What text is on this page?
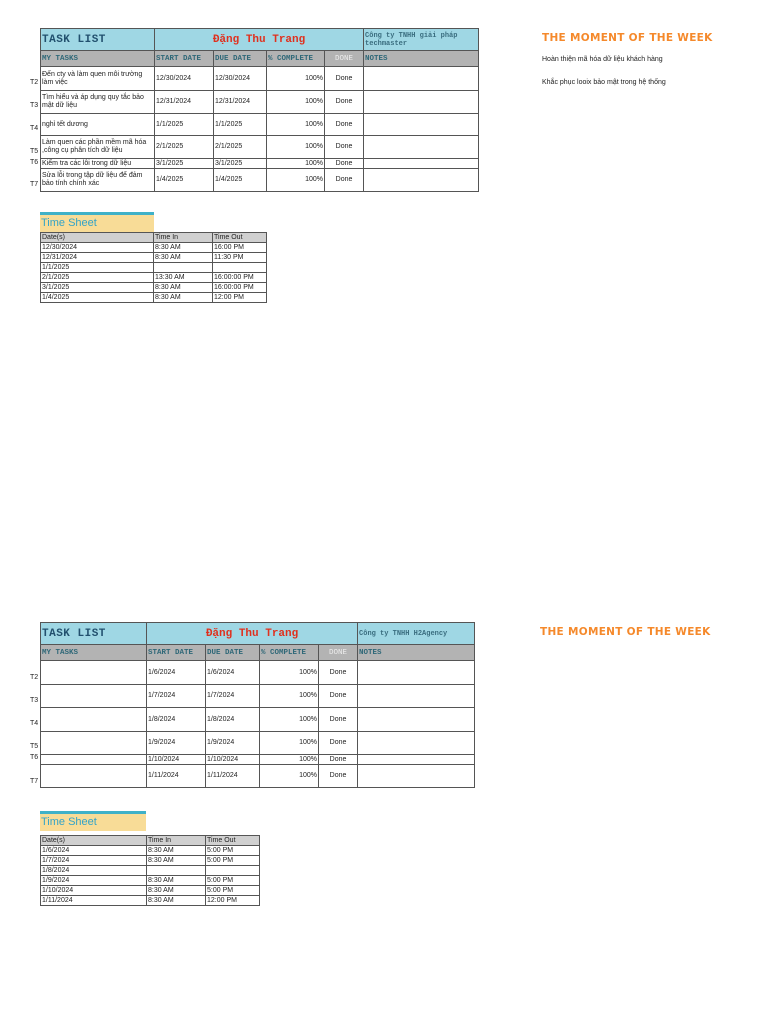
TASK LIST	Đặng Thu Trang				Công ty TNHH giải pháp techmaster
MY TASKS	START DATE	DUE DATE	% COMPLETE	DONE	NOTES
Đến cty và làm quen môi trường làm việc	12/30/2024	12/30/2024	100%	Done	
Tìm hiểu và áp dụng quy tắc bảo mật dữ liệu	12/31/2024	12/31/2024	100%	Done	
nghỉ tết dương	1/1/2025	1/1/2025	100%	Done	
Làm quen các phần mềm mã hóa ,công cụ phân tích dữ liệu	2/1/2025	2/1/2025	100%	Done	
Kiểm tra các lỗi trong dữ liệu	3/1/2025	3/1/2025	100%	Done	
Sửa lỗi trong tập dữ liệu để đảm bảo tính chính xác	1/4/2025	1/4/2025	100%	Done	
T2
T3
T4
T5
T6
T7
THE MOMENT OF THE WEEK
Hoàn thiện mã hóa dữ liệu khách hàng
Khắc phục looix bảo mật trong hệ thống
Time Sheet
Date(s)	Time In	Time Out
12/30/2024	8:30 AM	16:00 PM
12/31/2024	8:30 AM	11:30 PM
1/1/2025		
2/1/2025	13:30 AM	16:00:00 PM
3/1/2025	8:30 AM	16:00:00 PM
1/4/2025	8:30 AM	12:00 PM
TASK LIST	Đặng Thu Trang				Công ty TNHH H2Agency
MY TASKS	START DATE	DUE DATE	% COMPLETE	DONE	NOTES
	1/6/2024	1/6/2024	100%	Done	
	1/7/2024	1/7/2024	100%	Done	
	1/8/2024	1/8/2024	100%	Done	
	1/9/2024	1/9/2024	100%	Done	
	1/10/2024	1/10/2024	100%	Done	
	1/11/2024	1/11/2024	100%	Done	
T2
T3
T4
T5
T6
T7
THE MOMENT OF THE WEEK
Time Sheet
Date(s)	Time In	Time Out
1/6/2024	8:30 AM	5:00 PM
1/7/2024	8:30 AM	5:00 PM
1/8/2024		
1/9/2024	8:30 AM	5:00 PM
1/10/2024	8:30 AM	5:00 PM
1/11/2024	8:30 AM	12:00 PM
